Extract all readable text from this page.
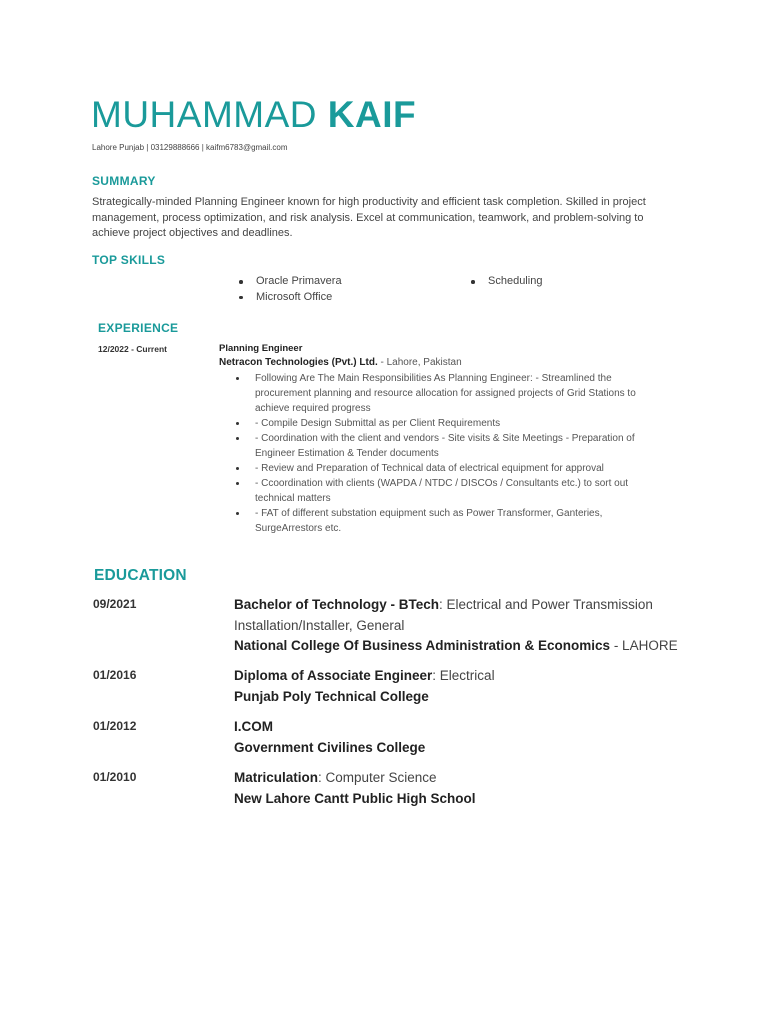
MUHAMMAD KAIF
Lahore Punjab | 03129888666 | kaifm6783@gmail.com
SUMMARY
Strategically-minded Planning Engineer known for high productivity and efficient task completion. Skilled in project management, process optimization, and risk analysis. Excel at communication, teamwork, and problem-solving to achieve project objectives and deadlines.
TOP SKILLS
Oracle Primavera
Microsoft Office
Scheduling
EXPERIENCE
12/2022 - Current	Planning Engineer
Netracon Technologies (Pvt.) Ltd. - Lahore, Pakistan
Following Are The Main Responsibilities As Planning Engineer: - Streamlined the procurement planning and resource allocation for assigned projects of Grid Stations to achieve required progress
- Compile Design Submittal as per Client Requirements
- Coordination with the client and vendors - Site visits & Site Meetings - Preparation of Engineer Estimation & Tender documents
- Review and Preparation of Technical data of electrical equipment for approval
- Ccoordination with clients (WAPDA / NTDC / DISCOs / Consultants etc.) to sort out technical matters
- FAT of different substation equipment such as Power Transformer, Ganteries, SurgeArrestors etc.
EDUCATION
09/2021	Bachelor of Technology - BTech: Electrical and Power Transmission Installation/Installer, General
National College Of Business Administration & Economics - LAHORE
01/2016	Diploma of Associate Engineer: Electrical
Punjab Poly Technical College
01/2012	I.COM
Government Civilines College
01/2010	Matriculation: Computer Science
New Lahore Cantt Public High School
